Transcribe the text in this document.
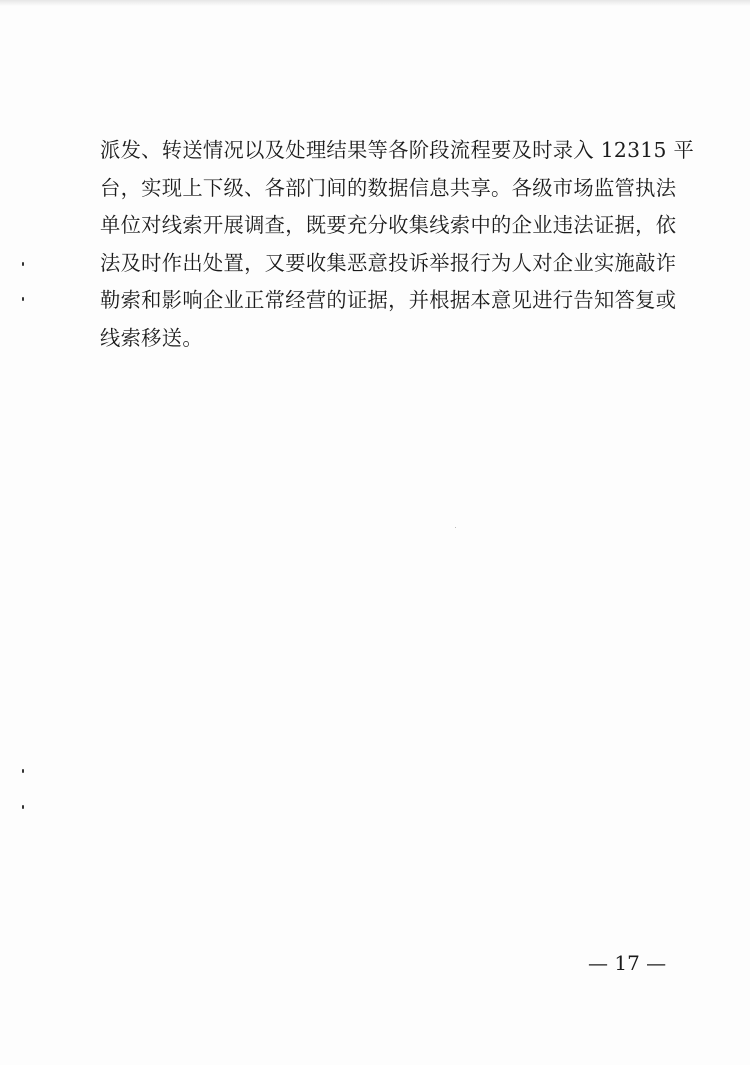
派发、转送情况以及处理结果等各阶段流程要及时录入 12315 平
台，实现上下级、各部门间的数据信息共享。各级市场监管执法
单位对线索开展调查，既要充分收集线索中的企业违法证据，依
法及时作出处置，又要收集恶意投诉举报行为人对企业实施敲诈
勒索和影响企业正常经营的证据，并根据本意见进行告知答复或
线索移送。
— 17 —
